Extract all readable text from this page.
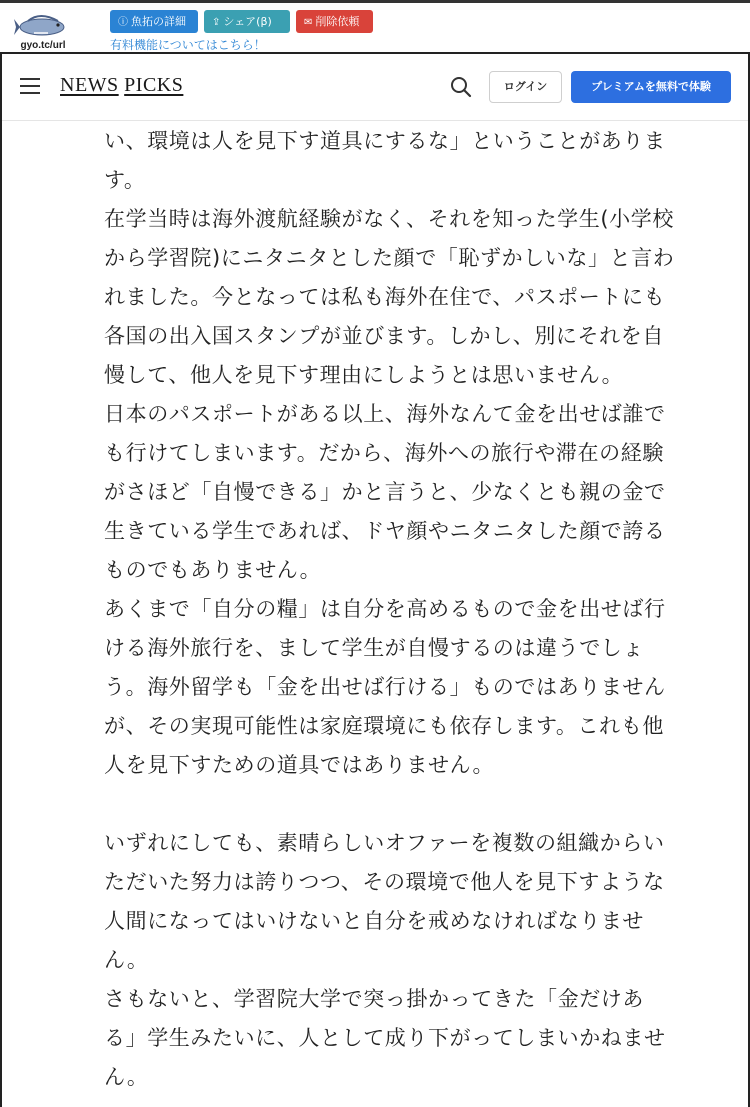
gyo.tc/url
ⓘ 魚拓の詳細	⇪ シェア(β)	✉ 削除依頼
有料機能についてはこちら！
NEWS PICKS	ログイン	プレミアムを無料で体験

い、環境は人を見下す道具にするな」ということがありま

す。

在学当時は海外渡航経験がなく、それを知った学生(小学校

から学習院)にニタニタとした顔で「恥ずかしいな」と言わ

れました。今となっては私も海外在住で、パスポートにも

各国の出入国スタンプが並びます。しかし、別にそれを自

慢して、他人を見下す理由にしようとは思いません。

日本のパスポートがある以上、海外なんて金を出せば誰で

も行けてしまいます。だから、海外への旅行や滞在の経験

がさほど「自慢できる」かと言うと、少なくとも親の金で

生きている学生であれば、ドヤ顔やニタニタした顔で誇る

ものでもありません。

あくまで「自分の糧」は自分を高めるもので金を出せば行

ける海外旅行を、まして学生が自慢するのは違うでしょ

う。海外留学も「金を出せば行ける」ものではありません

が、その実現可能性は家庭環境にも依存します。これも他

人を見下すための道具ではありません。

いずれにしても、素晴らしいオファーを複数の組織からい

ただいた努力は誇りつつ、その環境で他人を見下すような

人間になってはいけないと自分を戒めなければなりませ

ん。

さもないと、学習院大学で突っ掛かってきた「金だけあ

る」学生みたいに、人として成り下がってしまいかねませ

ん。
